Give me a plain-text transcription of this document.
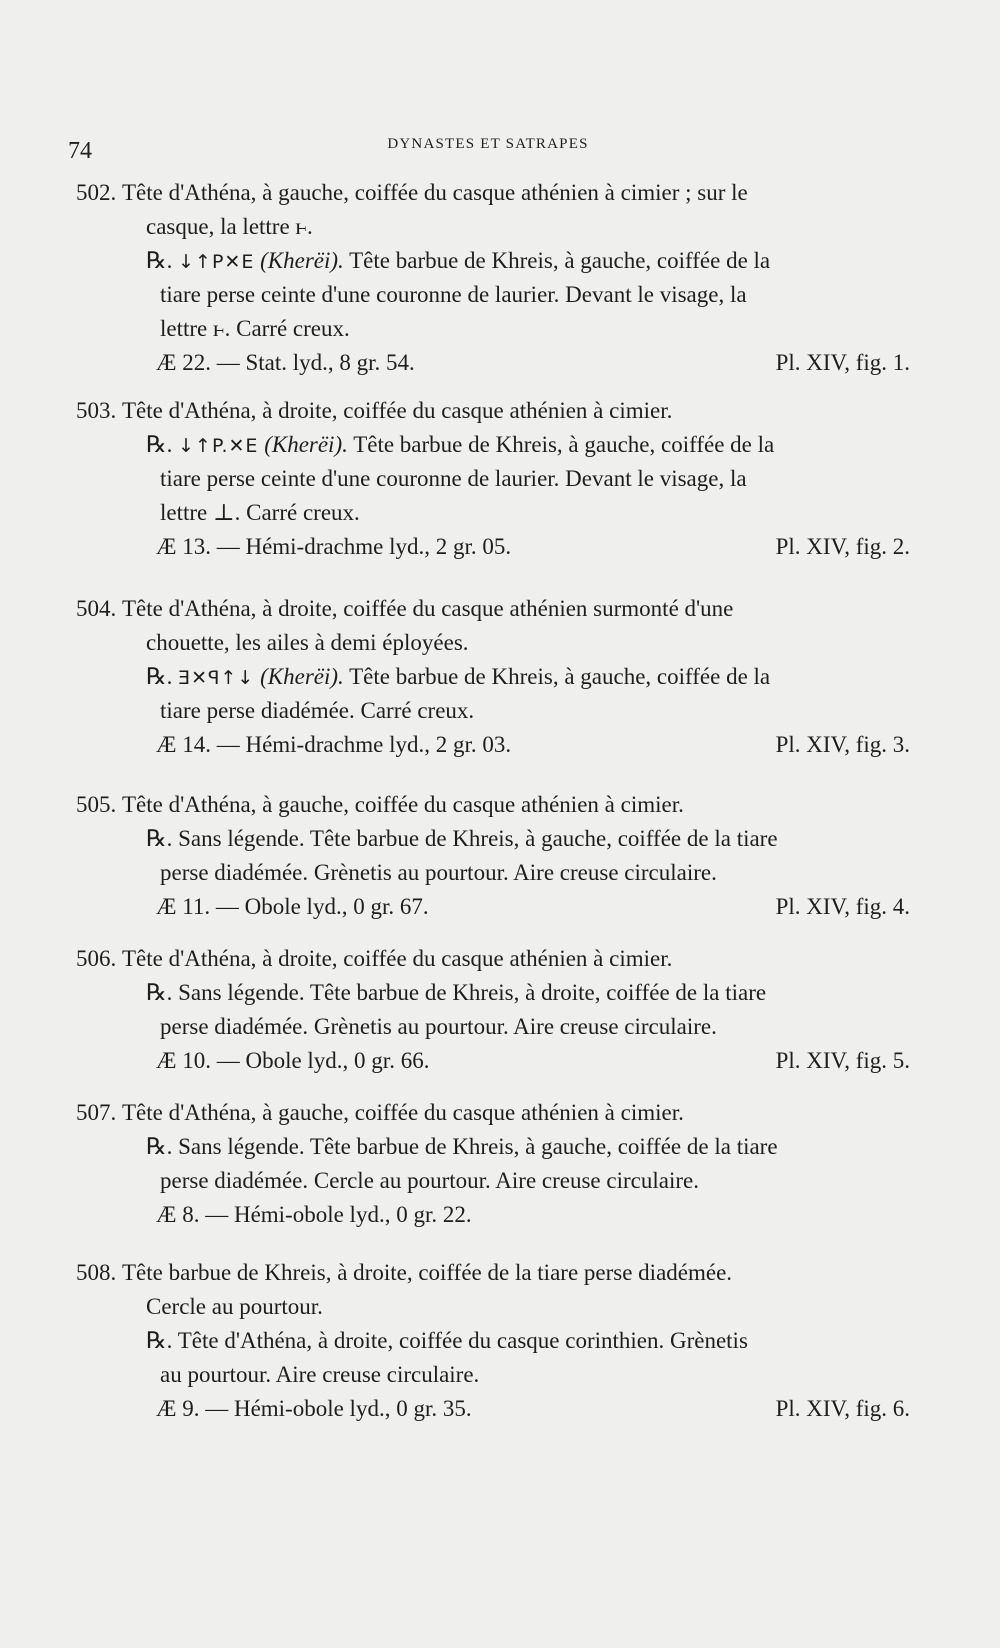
74	DYNASTES ET SATRAPES
502. Tête d'Athéna, à gauche, coiffée du casque athénien à cimier ; sur le
casque, la lettre ⱶ.
℞. ↓↑P✕E (Kherëi). Tête barbue de Khreis, à gauche, coiffée de la
tiare perse ceinte d'une couronne de laurier. Devant le visage, la
lettre ⱶ. Carré creux.
Æ 22. — Stat. lyd., 8 gr. 54.	Pl. XIV, fig. 1.
503. Tête d'Athéna, à droite, coiffée du casque athénien à cimier.
℞. ↓↑P.✕E (Kherëi). Tête barbue de Khreis, à gauche, coiffée de la
tiare perse ceinte d'une couronne de laurier. Devant le visage, la
lettre ⊥. Carré creux.
Æ 13. — Hémi-drachme lyd., 2 gr. 05.	Pl. XIV, fig. 2.
504. Tête d'Athéna, à droite, coiffée du casque athénien surmonté d'une
chouette, les ailes à demi éployées.
℞. Ǝ✕ꟼ↑↓ (Kherëi). Tête barbue de Khreis, à gauche, coiffée de la
tiare perse diadémée. Carré creux.
Æ 14. — Hémi-drachme lyd., 2 gr. 03.	Pl. XIV, fig. 3.
505. Tête d'Athéna, à gauche, coiffée du casque athénien à cimier.
℞. Sans légende. Tête barbue de Khreis, à gauche, coiffée de la tiare
perse diadémée. Grènetis au pourtour. Aire creuse circulaire.
Æ 11. — Obole lyd., 0 gr. 67.	Pl. XIV, fig. 4.
506. Tête d'Athéna, à droite, coiffée du casque athénien à cimier.
℞. Sans légende. Tête barbue de Khreis, à droite, coiffée de la tiare
perse diadémée. Grènetis au pourtour. Aire creuse circulaire.
Æ 10. — Obole lyd., 0 gr. 66.	Pl. XIV, fig. 5.
507. Tête d'Athéna, à gauche, coiffée du casque athénien à cimier.
℞. Sans légende. Tête barbue de Khreis, à gauche, coiffée de la tiare
perse diadémée. Cercle au pourtour. Aire creuse circulaire.
Æ 8. — Hémi-obole lyd., 0 gr. 22.
508. Tête barbue de Khreis, à droite, coiffée de la tiare perse diadémée.
Cercle au pourtour.
℞. Tête d'Athéna, à droite, coiffée du casque corinthien. Grènetis
au pourtour. Aire creuse circulaire.
Æ 9. — Hémi-obole lyd., 0 gr. 35.	Pl. XIV, fig. 6.
